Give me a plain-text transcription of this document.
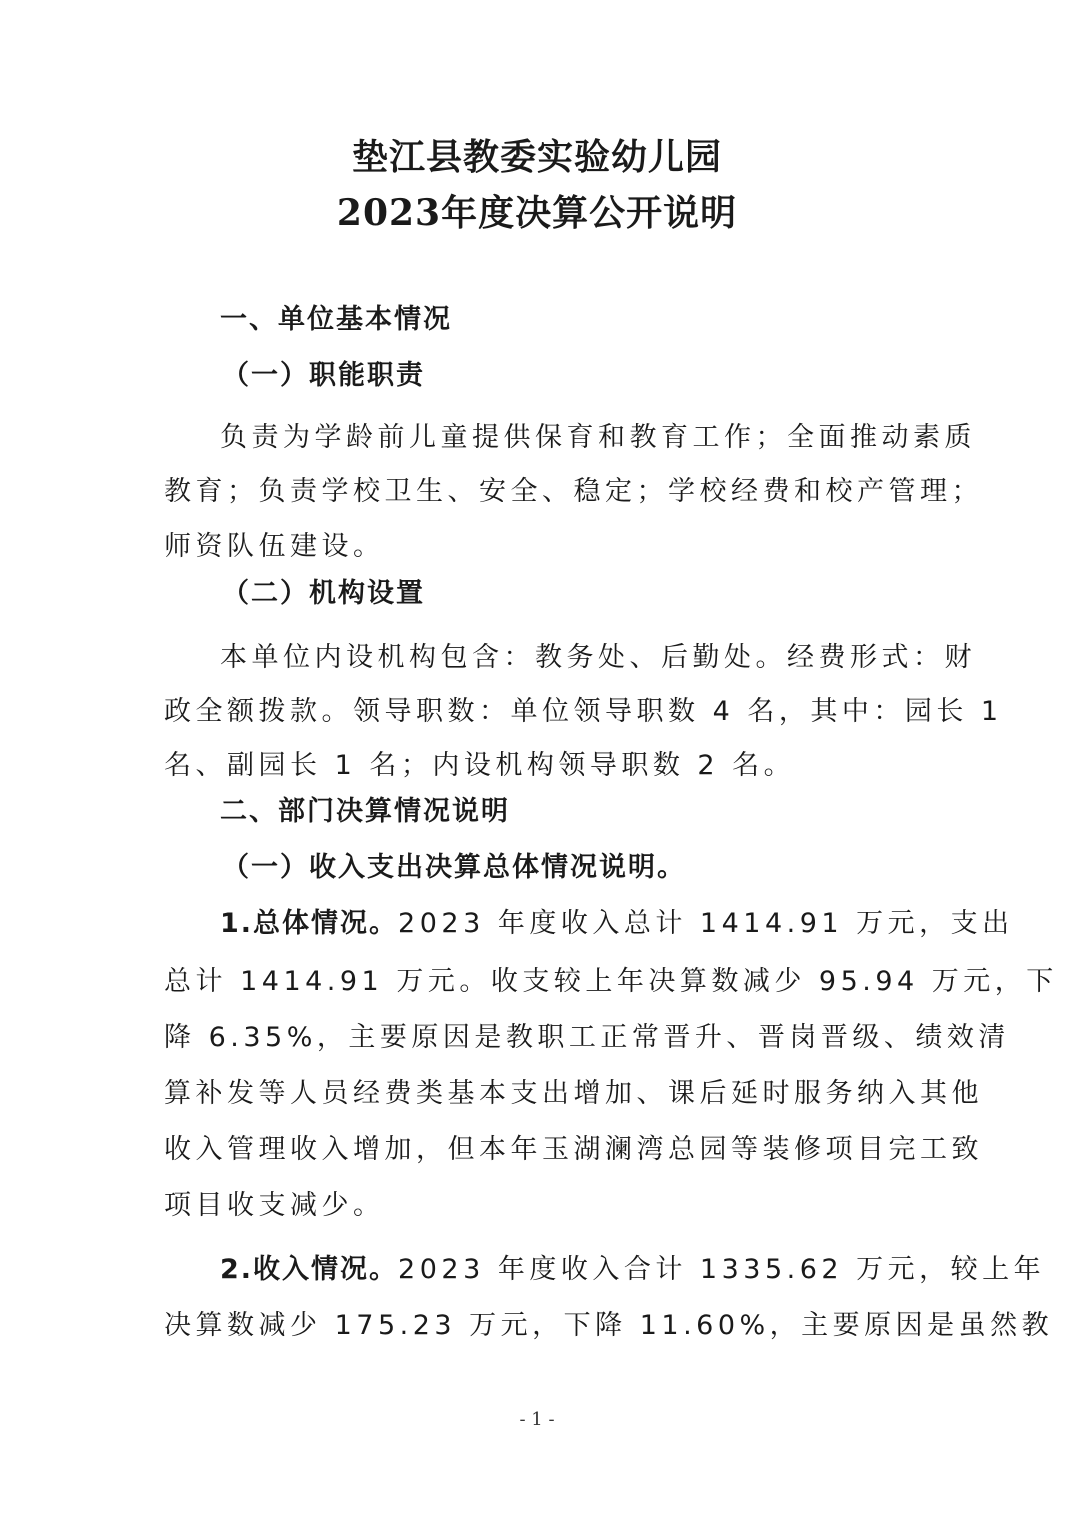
垫江县教委实验幼儿园
2023年度决算公开说明
一、单位基本情况
（一）职能职责
负责为学龄前儿童提供保育和教育工作；全面推动素质
教育；负责学校卫生、安全、稳定；学校经费和校产管理；
师资队伍建设。
（二）机构设置
本单位内设机构包含：教务处、后勤处。经费形式：财
政全额拨款。领导职数：单位领导职数 4 名，其中：园长 1
名、副园长 1 名；内设机构领导职数 2 名。
二、部门决算情况说明
（一）收入支出决算总体情况说明。
1.总体情况。2023 年度收入总计 1414.91 万元，支出
总计 1414.91 万元。收支较上年决算数减少 95.94 万元，下
降 6.35%，主要原因是教职工正常晋升、晋岗晋级、绩效清
算补发等人员经费类基本支出增加、课后延时服务纳入其他
收入管理收入增加，但本年玉湖澜湾总园等装修项目完工致
项目收支减少。
2.收入情况。2023 年度收入合计 1335.62 万元，较上年
决算数减少 175.23 万元，下降 11.60%，主要原因是虽然教
- 1 -
